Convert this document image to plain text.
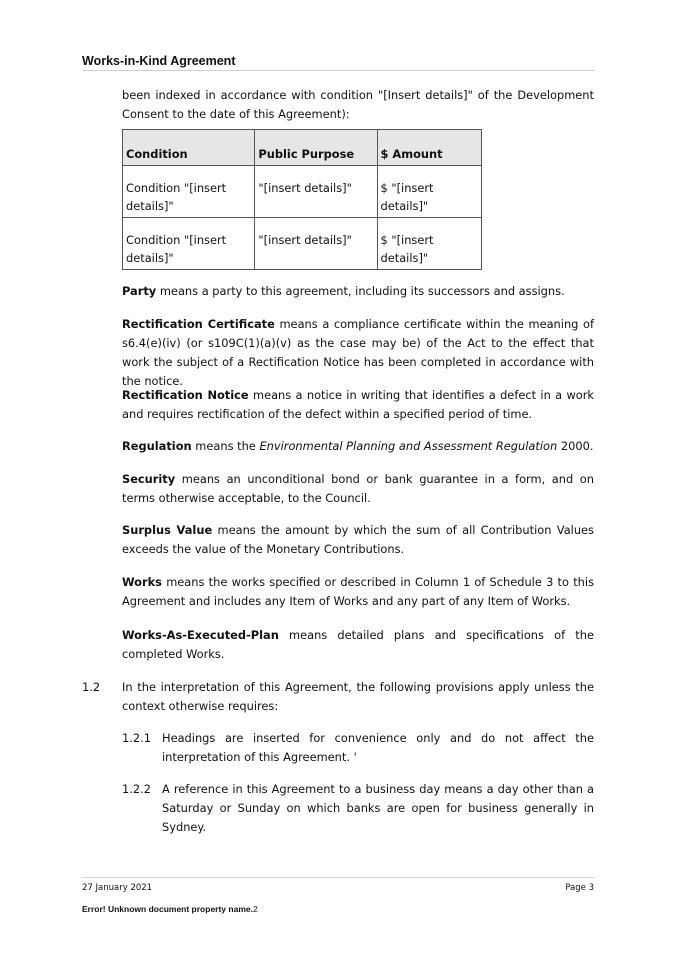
Works-in-Kind Agreement

been indexed in accordance with condition "[Insert details]" of the Development Consent to the date of this Agreement):

Condition	Public Purpose	$ Amount
Condition "[insert details]"	"[insert details]"	$ "[insert details]"
Condition "[insert details]"	"[insert details]"	$ "[insert details]"

Party means a party to this agreement, including its successors and assigns.

Rectification Certificate means a compliance certificate within the meaning of s6.4(e)(iv) (or s109C(1)(a)(v) as the case may be) of the Act to the effect that work the subject of a Rectification Notice has been completed in accordance with the notice.

Rectification Notice means a notice in writing that identifies a defect in a work and requires rectification of the defect within a specified period of time.

Regulation means the Environmental Planning and Assessment Regulation 2000.

Security means an unconditional bond or bank guarantee in a form, and on terms otherwise acceptable, to the Council.

Surplus Value means the amount by which the sum of all Contribution Values exceeds the value of the Monetary Contributions.

Works means the works specified or described in Column 1 of Schedule 3 to this Agreement and includes any Item of Works and any part of any Item of Works.

Works-As-Executed-Plan means detailed plans and specifications of the completed Works.

1.2 In the interpretation of this Agreement, the following provisions apply unless the context otherwise requires:

1.2.1 Headings are inserted for convenience only and do not affect the interpretation of this Agreement. '

1.2.2 A reference in this Agreement to a business day means a day other than a Saturday or Sunday on which banks are open for business generally in Sydney.

27 January 2021	Page 3
Error! Unknown document property name.2
